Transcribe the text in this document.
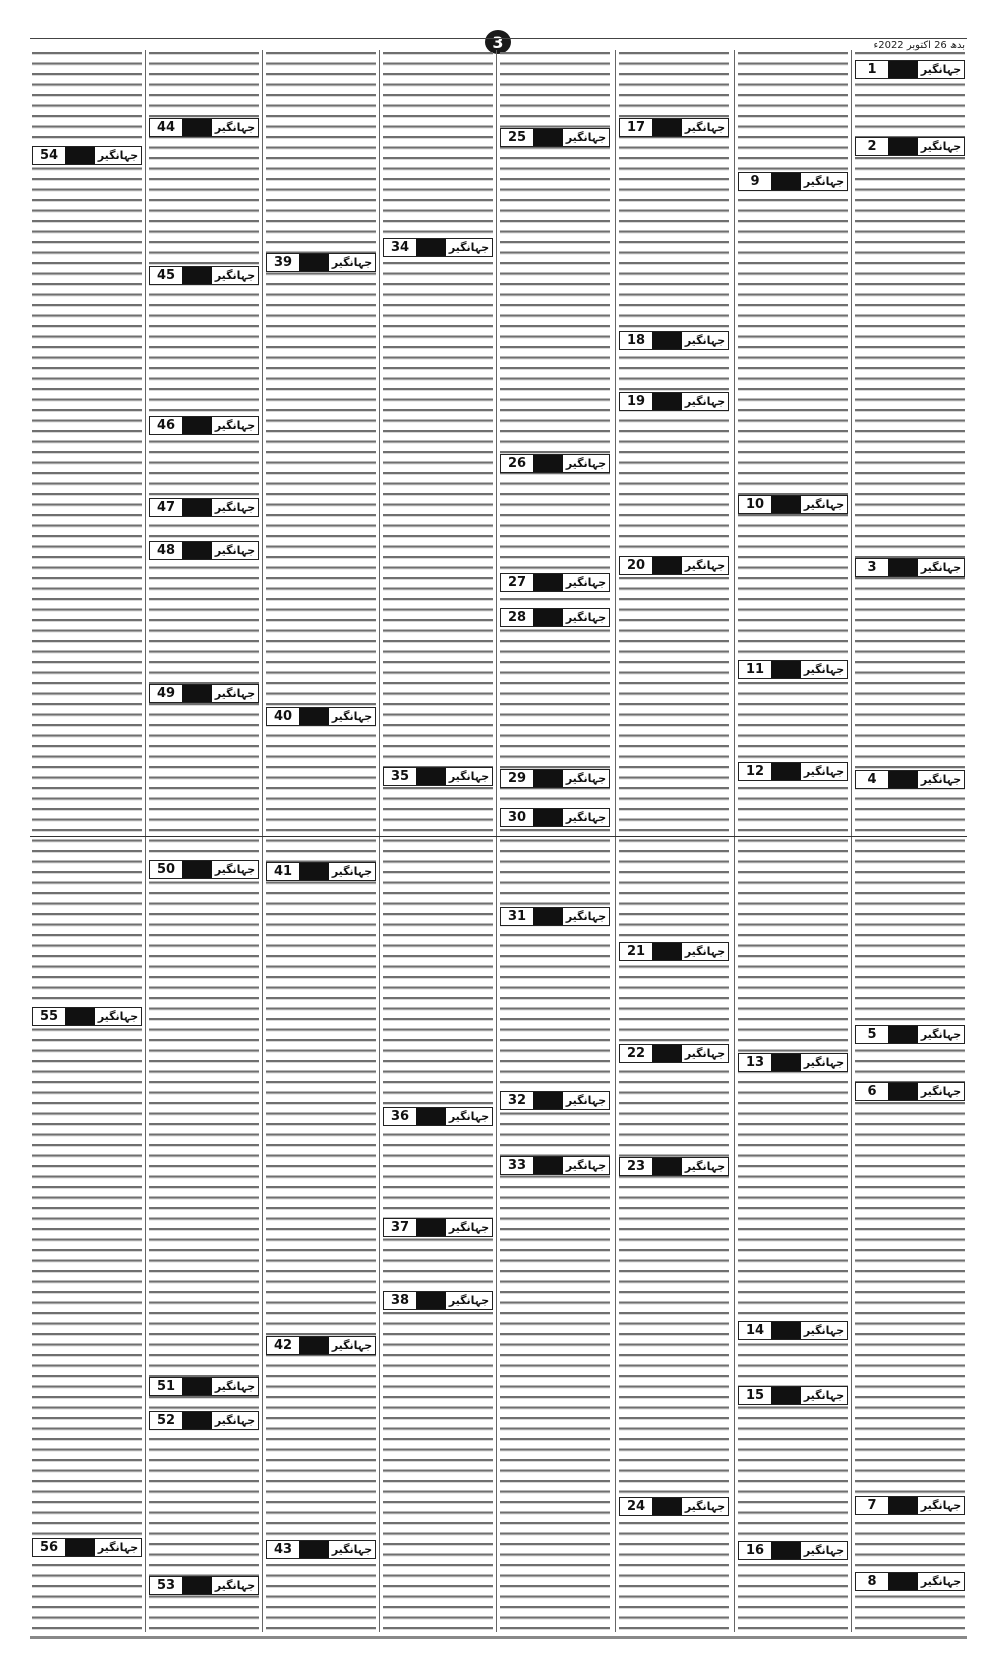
3	بدھ 26 اکتوبر 2022ء
1	جہانگیر
2	جہانگیر
3	جہانگیر
4	جہانگیر
5	جہانگیر
6	جہانگیر
7	جہانگیر
8	جہانگیر
9	جہانگیر
10	جہانگیر
11	جہانگیر
12	جہانگیر
13	جہانگیر
14	جہانگیر
15	جہانگیر
16	جہانگیر
17	جہانگیر
18	جہانگیر
19	جہانگیر
20	جہانگیر
21	جہانگیر
22	جہانگیر
23	جہانگیر
24	جہانگیر
25	جہانگیر
26	جہانگیر
27	جہانگیر
28	جہانگیر
29	جہانگیر
30	جہانگیر
31	جہانگیر
32	جہانگیر
33	جہانگیر
34	جہانگیر
35	جہانگیر
36	جہانگیر
37	جہانگیر
38	جہانگیر
39	جہانگیر
40	جہانگیر
41	جہانگیر
42	جہانگیر
43	جہانگیر
44	جہانگیر
45	جہانگیر
46	جہانگیر
47	جہانگیر
48	جہانگیر
49	جہانگیر
50	جہانگیر
51	جہانگیر
52	جہانگیر
53	جہانگیر
54	جہانگیر
55	جہانگیر
56	جہانگیر
